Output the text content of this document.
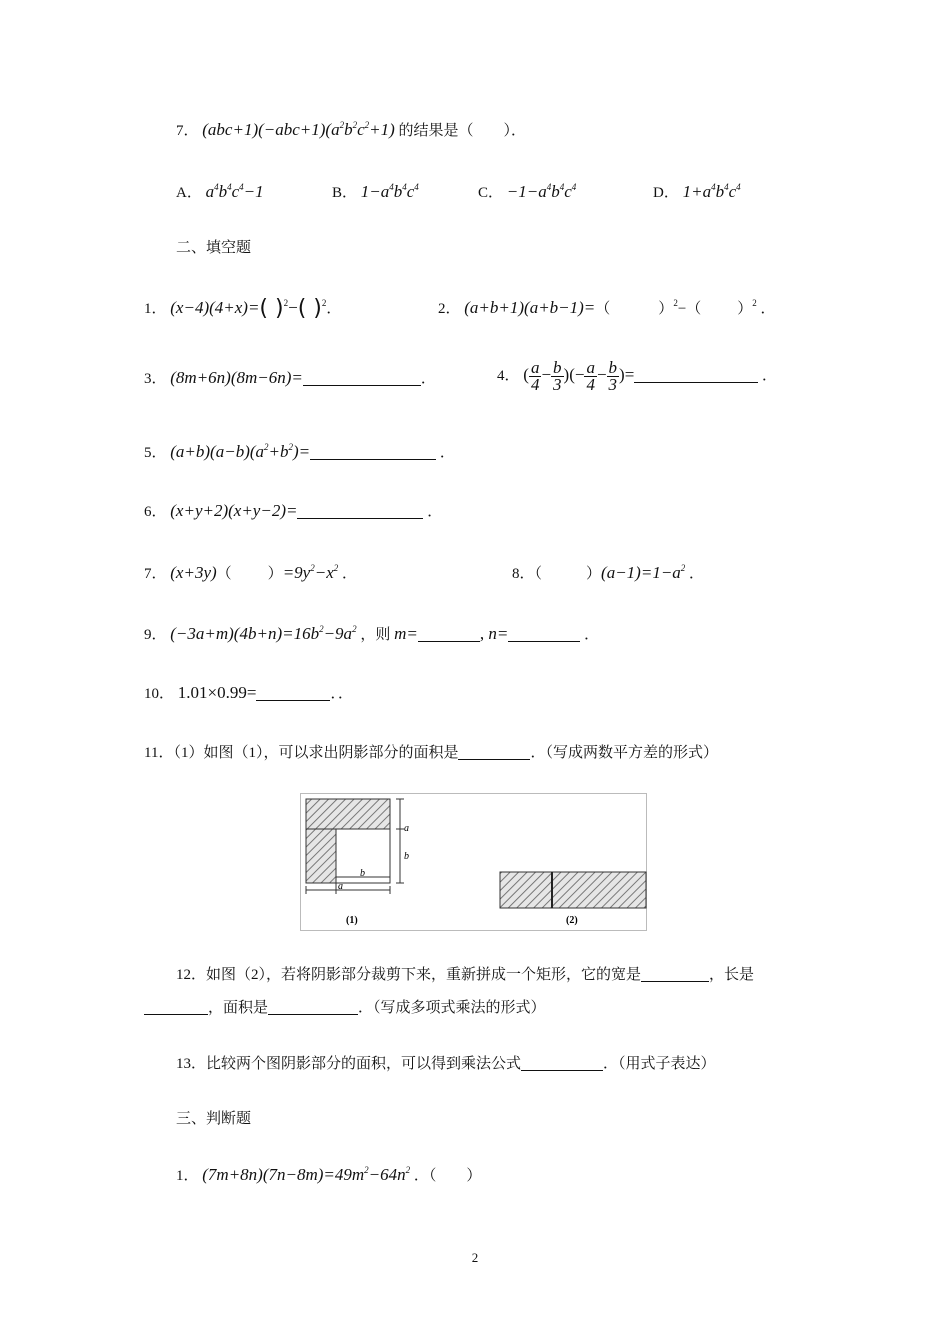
7． $(abc+1)(-abc+1)(a^2b^2c^2+1)$ 的结果是（　　）．
A． $a^4b^4c^4-1$	B． $1-a^4b^4c^4$	C． $-1-a^4b^4c^4$	D． $1+a^4b^4c^4$
二、填空题
1． (x−4)(4+x)=( )$^2$−( )$^2$．	2． (a+b+1)(a+b−1)=（	）$^2$−（ ）$^2$ ．
3． (8m+6n)(8m−6n)=	．	4． ( $\frac{a}{4} - \frac{b}{3}$ )(− $\frac{a}{4} - \frac{b}{3}$ )=	．
5． $(a+b)(a-b)(a^2+b^2)=$	．
6． (x+y+2)(x+y−2)=	．
7． (x+3y)（ ）$=9y^2-x^2$ ．	8．（	）$(a-1)=1-a^2$ ．
9． $(-3a+m)(4b+n)=16b^2-9a^2$ ，则 m=	, n=	．
10． 1.01×0.99=	．．
11．（1）如图（1），可以求出阴影部分的面积是	．（写成两数平方差的形式）
a
b
b
a
(1)	(2)
12．如图（2），若将阴影部分裁剪下来，重新拼成一个矩形，它的宽是	，长是
，面积是	．（写成多项式乘法的形式）
13．比较两个图阴影部分的面积，可以得到乘法公式	．（用式子表达）
三、判断题
1． $(7m+8n)(7n-8m)=49m^2-64n^2$ ．（　　）
2
